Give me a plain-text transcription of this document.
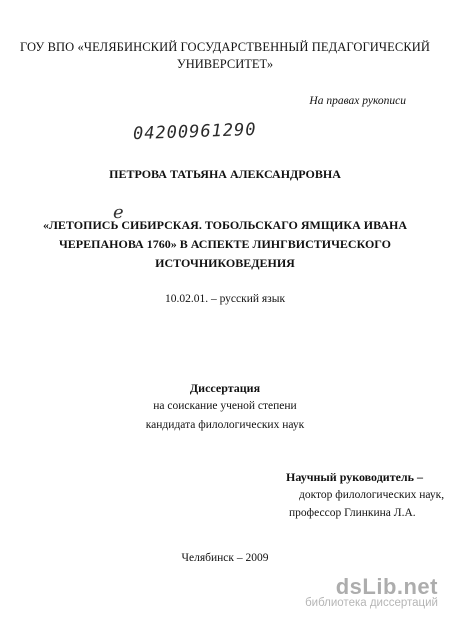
ГОУ ВПО «ЧЕЛЯБИНСКИЙ ГОСУДАРСТВЕННЫЙ ПЕДАГОГИЧЕСКИЙ
УНИВЕРСИТЕТ»
На правах рукописи
04200961290
ПЕТРОВА ТАТЬЯНА АЛЕКСАНДРОВНА
е
«ЛЕТОПИСЬ СИБИРСКАЯ. ТОБОЛЬСКАГО ЯМЩИКА ИВАНА
ЧЕРЕПАНОВА 1760» В АСПЕКТЕ ЛИНГВИСТИЧЕСКОГО
ИСТОЧНИКОВЕДЕНИЯ
10.02.01. – русский язык
Диссертация
на соискание ученой степени
кандидата филологических наук
Научный руководитель –
доктор филологических наук,
профессор Глинкина Л.А.
Челябинск – 2009
dsLib.net
библиотека диссертаций
